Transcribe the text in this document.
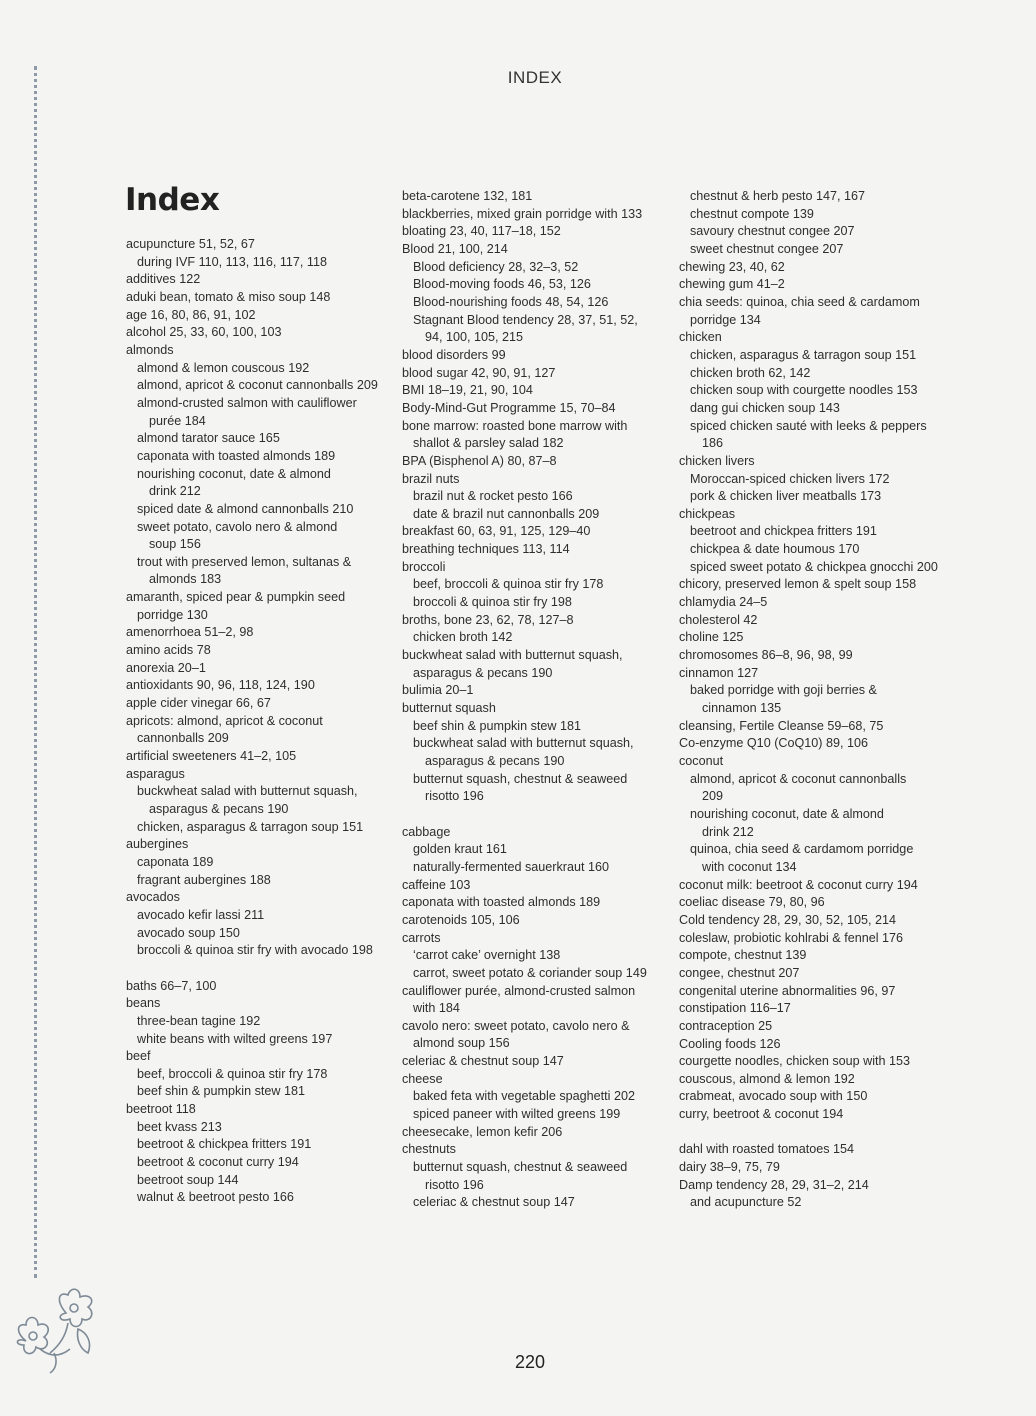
INDEX
Index
acupuncture 51, 52, 67
during IVF 110, 113, 116, 117, 118
additives 122
aduki bean, tomato & miso soup 148
age 16, 80, 86, 91, 102
alcohol 25, 33, 60, 100, 103
almonds
almond & lemon couscous 192
almond, apricot & coconut cannonballs 209
almond-crusted salmon with cauliflower
purée 184
almond tarator sauce 165
caponata with toasted almonds 189
nourishing coconut, date & almond
drink 212
spiced date & almond cannonballs 210
sweet potato, cavolo nero & almond
soup 156
trout with preserved lemon, sultanas &
almonds 183
amaranth, spiced pear & pumpkin seed
porridge 130
amenorrhoea 51–2, 98
amino acids 78
anorexia 20–1
antioxidants 90, 96, 118, 124, 190
apple cider vinegar 66, 67
apricots: almond, apricot & coconut
cannonballs 209
artificial sweeteners 41–2, 105
asparagus
buckwheat salad with butternut squash,
asparagus & pecans 190
chicken, asparagus & tarragon soup 151
aubergines
caponata 189
fragrant aubergines 188
avocados
avocado kefir lassi 211
avocado soup 150
broccoli & quinoa stir fry with avocado 198
baths 66–7, 100
beans
three-bean tagine 192
white beans with wilted greens 197
beef
beef, broccoli & quinoa stir fry 178
beef shin & pumpkin stew 181
beetroot 118
beet kvass 213
beetroot & chickpea fritters 191
beetroot & coconut curry 194
beetroot soup 144
walnut & beetroot pesto 166
beta-carotene 132, 181
blackberries, mixed grain porridge with 133
bloating 23, 40, 117–18, 152
Blood 21, 100, 214
Blood deficiency 28, 32–3, 52
Blood-moving foods 46, 53, 126
Blood-nourishing foods 48, 54, 126
Stagnant Blood tendency 28, 37, 51, 52,
94, 100, 105, 215
blood disorders 99
blood sugar 42, 90, 91, 127
BMI 18–19, 21, 90, 104
Body-Mind-Gut Programme 15, 70–84
bone marrow: roasted bone marrow with
shallot & parsley salad 182
BPA (Bisphenol A) 80, 87–8
brazil nuts
brazil nut & rocket pesto 166
date & brazil nut cannonballs 209
breakfast 60, 63, 91, 125, 129–40
breathing techniques 113, 114
broccoli
beef, broccoli & quinoa stir fry 178
broccoli & quinoa stir fry 198
broths, bone 23, 62, 78, 127–8
chicken broth 142
buckwheat salad with butternut squash,
asparagus & pecans 190
bulimia 20–1
butternut squash
beef shin & pumpkin stew 181
buckwheat salad with butternut squash,
asparagus & pecans 190
butternut squash, chestnut & seaweed
risotto 196
cabbage
golden kraut 161
naturally-fermented sauerkraut 160
caffeine 103
caponata with toasted almonds 189
carotenoids 105, 106
carrots
‘carrot cake’ overnight 138
carrot, sweet potato & coriander soup 149
cauliflower purée, almond-crusted salmon
with 184
cavolo nero: sweet potato, cavolo nero &
almond soup 156
celeriac & chestnut soup 147
cheese
baked feta with vegetable spaghetti 202
spiced paneer with wilted greens 199
cheesecake, lemon kefir 206
chestnuts
butternut squash, chestnut & seaweed
risotto 196
celeriac & chestnut soup 147
chestnut & herb pesto 147, 167
chestnut compote 139
savoury chestnut congee 207
sweet chestnut congee 207
chewing 23, 40, 62
chewing gum 41–2
chia seeds: quinoa, chia seed & cardamom
porridge 134
chicken
chicken, asparagus & tarragon soup 151
chicken broth 62, 142
chicken soup with courgette noodles 153
dang gui chicken soup 143
spiced chicken sauté with leeks & peppers
186
chicken livers
Moroccan-spiced chicken livers 172
pork & chicken liver meatballs 173
chickpeas
beetroot and chickpea fritters 191
chickpea & date houmous 170
spiced sweet potato & chickpea gnocchi 200
chicory, preserved lemon & spelt soup 158
chlamydia 24–5
cholesterol 42
choline 125
chromosomes 86–8, 96, 98, 99
cinnamon 127
baked porridge with goji berries &
cinnamon 135
cleansing, Fertile Cleanse 59–68, 75
Co-enzyme Q10 (CoQ10) 89, 106
coconut
almond, apricot & coconut cannonballs
209
nourishing coconut, date & almond
drink 212
quinoa, chia seed & cardamom porridge
with coconut 134
coconut milk: beetroot & coconut curry 194
coeliac disease 79, 80, 96
Cold tendency 28, 29, 30, 52, 105, 214
coleslaw, probiotic kohlrabi & fennel 176
compote, chestnut 139
congee, chestnut 207
congenital uterine abnormalities 96, 97
constipation 116–17
contraception 25
Cooling foods 126
courgette noodles, chicken soup with 153
couscous, almond & lemon 192
crabmeat, avocado soup with 150
curry, beetroot & coconut 194
dahl with roasted tomatoes 154
dairy 38–9, 75, 79
Damp tendency 28, 29, 31–2, 214
and acupuncture 52
220
